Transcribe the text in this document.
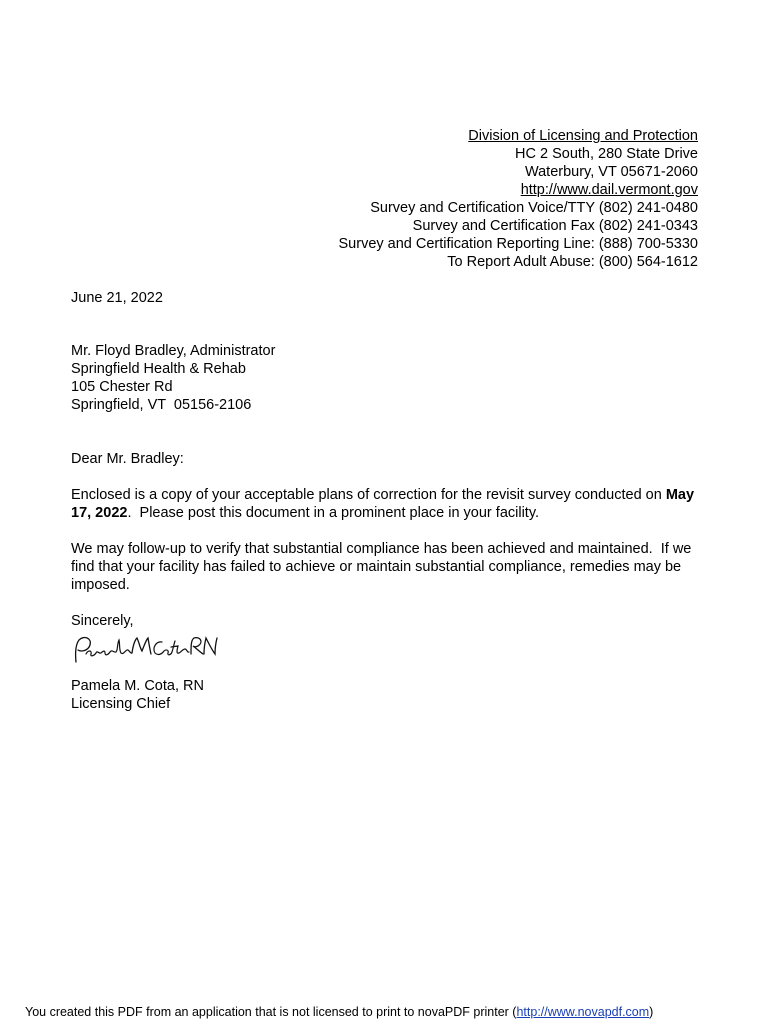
Division of Licensing and Protection
HC 2 South, 280 State Drive
Waterbury, VT 05671-2060
http://www.dail.vermont.gov
Survey and Certification Voice/TTY (802) 241-0480
Survey and Certification Fax (802) 241-0343
Survey and Certification Reporting Line: (888) 700-5330
To Report Adult Abuse: (800) 564-1612
June 21, 2022
Mr. Floyd Bradley, Administrator
Springfield Health & Rehab
105 Chester Rd
Springfield, VT  05156-2106
Dear Mr. Bradley:
Enclosed is a copy of your acceptable plans of correction for the revisit survey conducted on May 17, 2022.  Please post this document in a prominent place in your facility.
We may follow-up to verify that substantial compliance has been achieved and maintained.  If we find that your facility has failed to achieve or maintain substantial compliance, remedies may be imposed.
Sincerely,
Pamela M. Cota, RN
Licensing Chief
You created this PDF from an application that is not licensed to print to novaPDF printer (http://www.novapdf.com)
